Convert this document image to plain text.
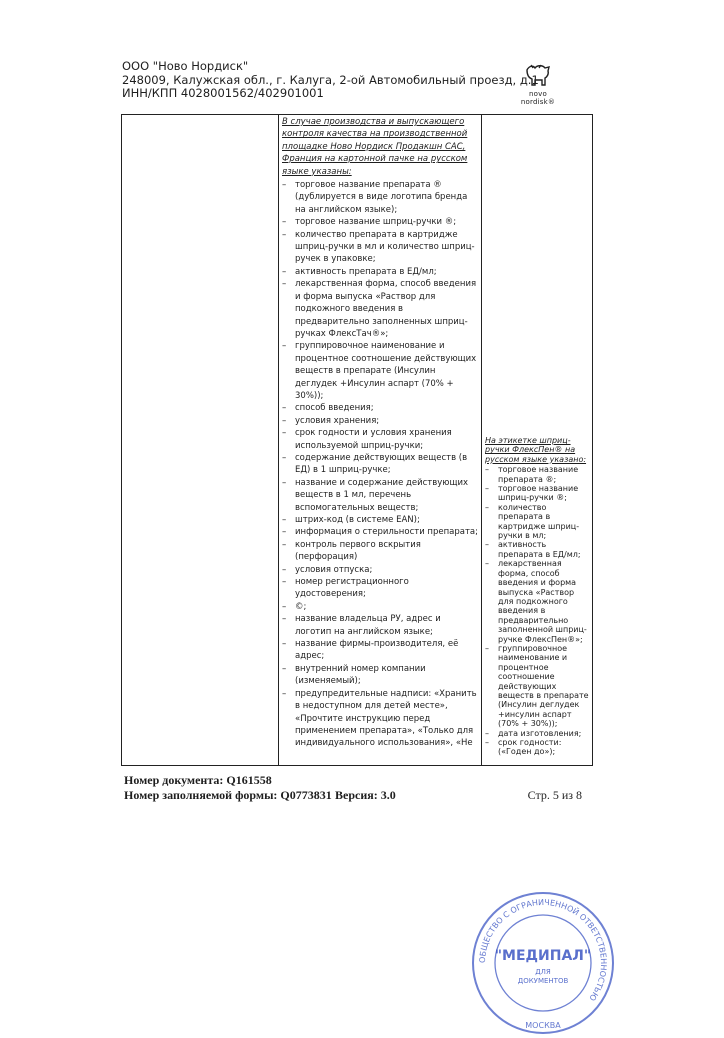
ООО "Ново Нордиск"
248009, Калужская обл., г. Калуга, 2-ой Автомобильный проезд, д.1
ИНН/КПП 4028001562/402901001	novo nordisk®
В случае производства и выпускающего контроля качества на производственной площадке Ново Нордиск Продакшн САС, Франция на картонной пачке на русском языке указаны:
– торговое название препарата ® (дублируется в виде логотипа бренда на английском языке);
– торговое название шприц-ручки ®;
– количество препарата в картридже шприц-ручки в мл и количество шприц-ручек в упаковке;
– активность препарата в ЕД/мл;
– лекарственная форма, способ введения и форма выпуска «Раствор для подкожного введения в предварительно заполненных шприц-ручках ФлексТач®»;
– группировочное наименование и процентное соотношение действующих веществ в препарате (Инсулин деглудек +Инсулин аспарт (70% + 30%));
– способ введения;
– условия хранения;
– срок годности и условия хранения используемой шприц-ручки;
– содержание действующих веществ (в ЕД) в 1 шприц-ручке;
– название и содержание действующих веществ в 1 мл, перечень вспомогательных веществ;
– штрих-код (в системе EAN);
– информация о стерильности препарата;
– контроль первого вскрытия (перфорация)
– условия отпуска;
– номер регистрационного удостоверения;
– ©;
– название владельца РУ, адрес и логотип на английском языке;
– название фирмы-производителя, её адрес;
– внутренний номер компании (изменяемый);
– предупредительные надписи: «Хранить в недоступном для детей месте», «Прочтите инструкцию перед применением препарата», «Только для индивидуального использования», «Не
На этикетке шприц-ручки ФлексПен® на русском языке указано:
– торговое название препарата ®;
– торговое название шприц-ручки ®;
– количество препарата в картридже шприц-ручки в мл;
– активность препарата в ЕД/мл;
– лекарственная форма, способ введения и форма выпуска «Раствор для подкожного введения в предварительно заполненной шприц-ручке ФлексПен®»;
– группировочное наименование и процентное соотношение действующих веществ в препарате (Инсулин деглудек +инсулин аспарт (70% + 30%));
– дата изготовления;
– срок годности: («Годен до»);
Номер документа: Q161558
Номер заполняемой формы: Q0773831 Версия: 3.0	Стр. 5 из 8
ОБЩЕСТВО С ОГРАНИЧЕННОЙ ОТВЕТСТВЕННОСТЬЮ
"МЕДИПАЛ"
ДЛЯ
ДОКУМЕНТОВ
МОСКВА
